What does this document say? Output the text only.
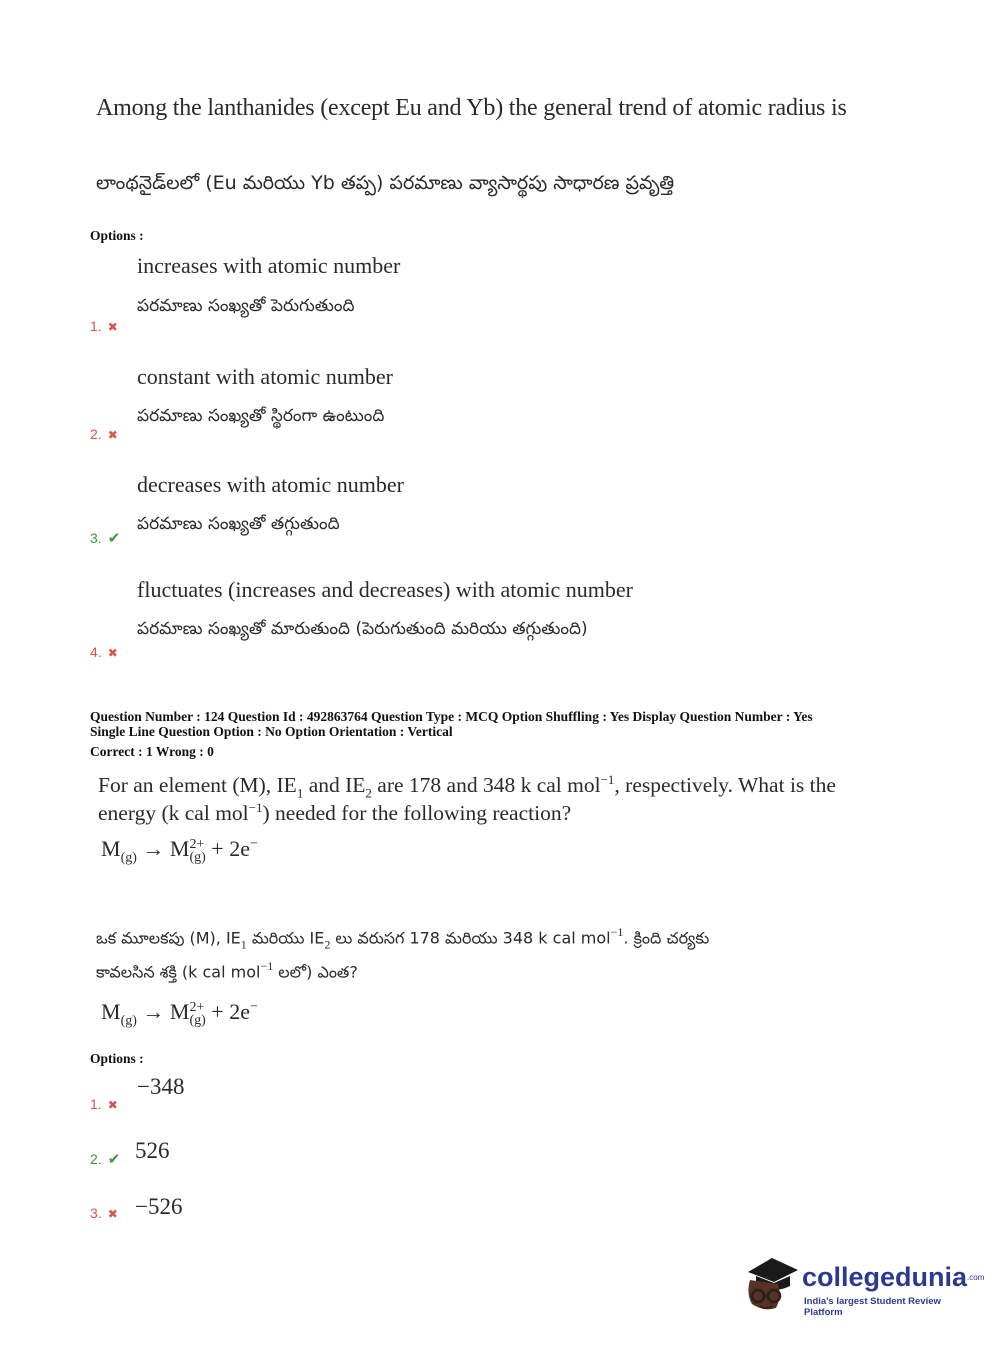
Among the lanthanides (except Eu and Yb) the general trend of atomic radius is
లాంథనైడ్‌లలో (Eu మరియు Yb తప్ప) పరమాణు వ్యాసార్థపు సాధారణ ప్రవృత్తి
Options :
increases with atomic number
పరమాణు సంఖ్యతో పెరుగుతుంది
1. ✖
constant with atomic number
పరమాణు సంఖ్యతో స్థిరంగా ఉంటుంది
2. ✖
decreases with atomic number
పరమాణు సంఖ్యతో తగ్గుతుంది
3. ✔
fluctuates (increases and decreases) with atomic number
పరమాణు సంఖ్యతో మారుతుంది (పెరుగుతుంది మరియు తగ్గుతుంది)
4. ✖
Question Number : 124 Question Id : 492863764 Question Type : MCQ Option Shuffling : Yes Display Question Number : Yes
Single Line Question Option : No Option Orientation : Vertical
Correct : 1 Wrong : 0
For an element (M), $IE_1$ and $IE_2$ are 178 and 348 k cal mol$^{-1}$, respectively. What is the
energy (k cal mol$^{-1}$) needed for the following reaction?
$M_{(g)} \to M2+$
(g) + 2e−
ఒక మూలకపు (M), $IE_1$ మరియు $IE_2$ లు వరుసగ 178 మరియు 348 k cal mol$^{-1}$. క్రింది చర్యకు
కావలసిన శక్తి (k cal mol$^{-1}$ లలో) ఎంత?
$M_{(g)} \to M2+$
(g) + 2e−
Options :
1. ✖
−348
2. ✔ 526
3. ✖ −526
collegedunia$^{.com}$
India's largest Student Review Platform
